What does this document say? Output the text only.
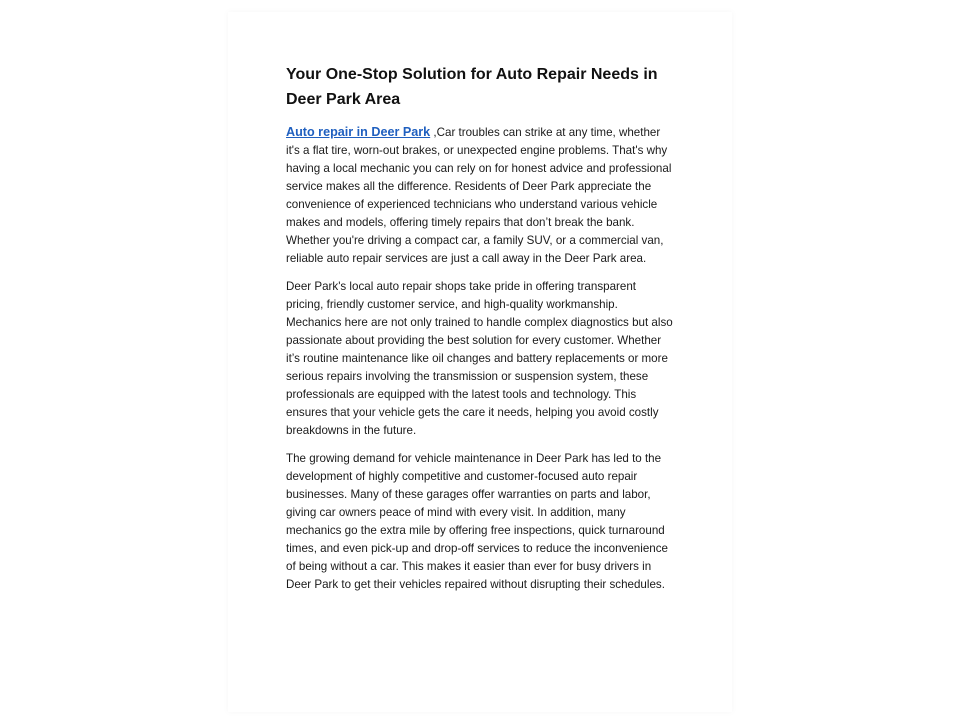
Your One-Stop Solution for Auto Repair Needs in Deer Park Area

Auto repair in Deer Park ,Car troubles can strike at any time, whether it's a flat tire, worn-out brakes, or unexpected engine problems. That's why having a local mechanic you can rely on for honest advice and professional service makes all the difference. Residents of Deer Park appreciate the convenience of experienced technicians who understand various vehicle makes and models, offering timely repairs that don’t break the bank. Whether you're driving a compact car, a family SUV, or a commercial van, reliable auto repair services are just a call away in the Deer Park area.

Deer Park's local auto repair shops take pride in offering transparent pricing, friendly customer service, and high-quality workmanship. Mechanics here are not only trained to handle complex diagnostics but also passionate about providing the best solution for every customer. Whether it’s routine maintenance like oil changes and battery replacements or more serious repairs involving the transmission or suspension system, these professionals are equipped with the latest tools and technology. This ensures that your vehicle gets the care it needs, helping you avoid costly breakdowns in the future.

The growing demand for vehicle maintenance in Deer Park has led to the development of highly competitive and customer-focused auto repair businesses. Many of these garages offer warranties on parts and labor, giving car owners peace of mind with every visit. In addition, many mechanics go the extra mile by offering free inspections, quick turnaround times, and even pick-up and drop-off services to reduce the inconvenience of being without a car. This makes it easier than ever for busy drivers in Deer Park to get their vehicles repaired without disrupting their schedules.
